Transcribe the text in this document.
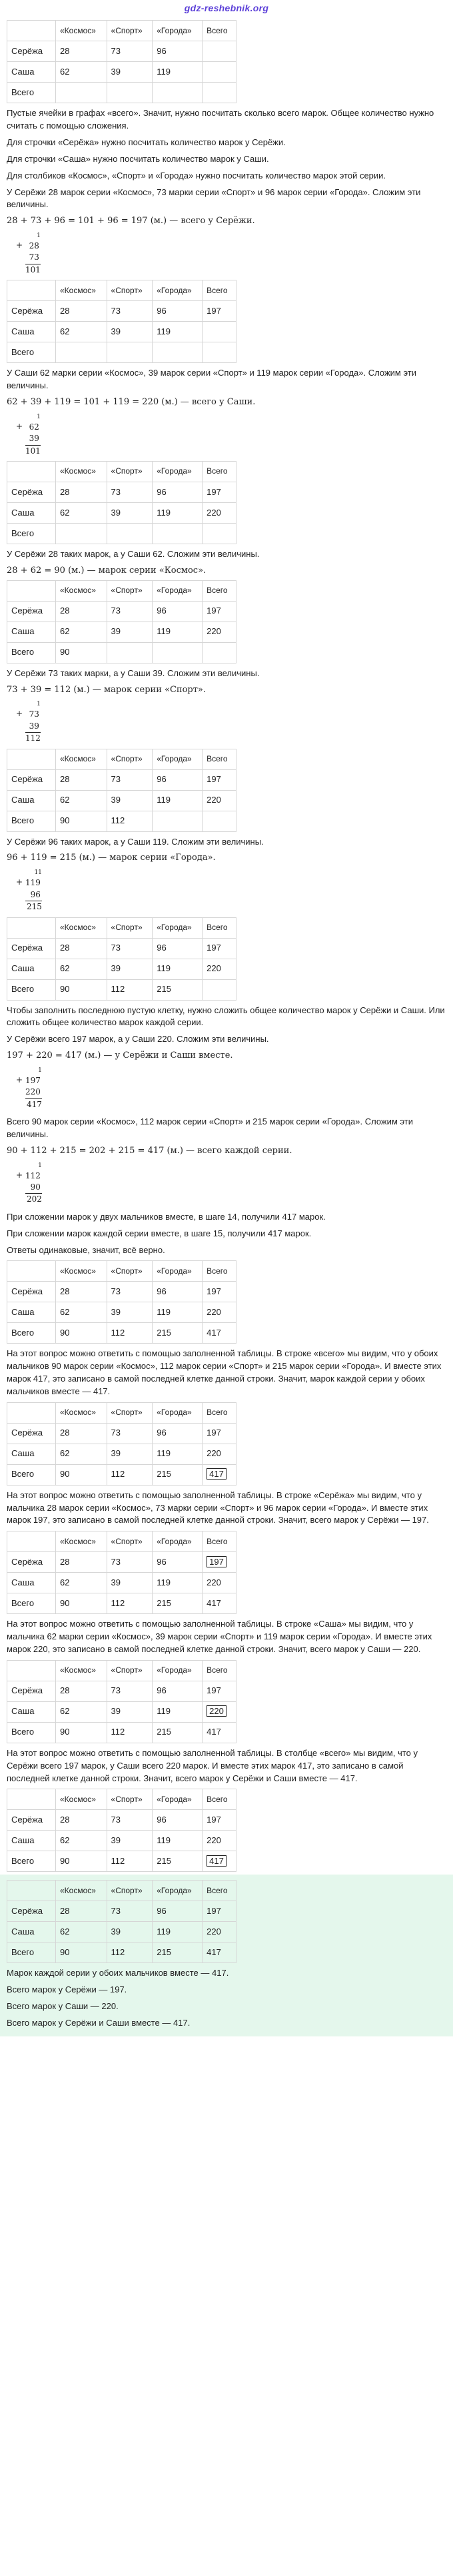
gdz-reshebnik.org
	«Космос»	«Спорт»	«Города»	Всего
Серёжа	28	73	96	
Саша	62	39	119	
Всего				

Пустые ячейки в графах «всего». Значит, нужно посчитать сколько всего марок. Общее количество нужно считать с помощью сложения.

Для строчки «Серёжа» нужно посчитать количество марок у Серёжи.

Для строчки «Саша» нужно посчитать количество марок у Саши.

Для столбиков «Космос», «Спорт» и «Города» нужно посчитать количество марок этой серии.

У Серёжи 28 марок серии «Космос», 73 марки серии «Спорт» и 96 марок серии «Города». Сложим эти величины.

28 + 73 + 96 = 101 + 96 = 197 (м.) — всего у Серёжи.
+
1
28
73
101
	«Космос»	«Спорт»	«Города»	Всего
Серёжа	28	73	96	197
Саша	62	39	119	
Всего				

У Саши 62 марки серии «Космос», 39 марок серии «Спорт» и 119 марок серии «Города». Сложим эти величины.

62 + 39 + 119 = 101 + 119 = 220 (м.) — всего у Саши.
+
1
62
39
101
	«Космос»	«Спорт»	«Города»	Всего
Серёжа	28	73	96	197
Саша	62	39	119	220
Всего				

У Серёжи 28 таких марок, а у Саши 62. Сложим эти величины.

28 + 62 = 90 (м.) — марок серии «Космос».
	«Космос»	«Спорт»	«Города»	Всего
Серёжа	28	73	96	197
Саша	62	39	119	220
Всего	90			

У Серёжи 73 таких марки, а у Саши 39. Сложим эти величины.

73 + 39 = 112 (м.) — марок серии «Спорт».
+
1
73
39
112
	«Космос»	«Спорт»	«Города»	Всего
Серёжа	28	73	96	197
Саша	62	39	119	220
Всего	90	112		

У Серёжи 96 таких марок, а у Саши 119. Сложим эти величины.

96 + 119 = 215 (м.) — марок серии «Города».
+
11
119
96
215
	«Космос»	«Спорт»	«Города»	Всего
Серёжа	28	73	96	197
Саша	62	39	119	220
Всего	90	112	215	

Чтобы заполнить последнюю пустую клетку, нужно сложить общее количество марок у Серёжи и Саши. Или сложить общее количество марок каждой серии.

У Серёжи всего 197 марок, а у Саши 220. Сложим эти величины.

197 + 220 = 417 (м.) — у Серёжи и Саши вместе.
+
1
197
220
417

Всего 90 марок серии «Космос», 112 марок серии «Спорт» и 215 марок серии «Города». Сложим эти величины.

90 + 112 + 215 = 202 + 215 = 417 (м.) — всего каждой серии.
+
1
112
90
202

При сложении марок у двух мальчиков вместе, в шаге 14, получили 417 марок.

При сложении марок каждой серии вместе, в шаге 15, получили 417 марок.

Ответы одинаковые, значит, всё верно.

	«Космос»	«Спорт»	«Города»	Всего
Серёжа	28	73	96	197
Саша	62	39	119	220
Всего	90	112	215	417

На этот вопрос можно ответить с помощью заполненной таблицы. В строке «всего» мы видим, что у обоих мальчиков 90 марок серии «Космос», 112 марок серии «Спорт» и 215 марок серии «Города». И вместе этих марок 417, это записано в самой последней клетке данной строки. Значит, марок каждой серии у обоих мальчиков вместе — 417.

	«Космос»	«Спорт»	«Города»	Всего
Серёжа	28	73	96	197
Саша	62	39	119	220
Всего	90	112	215	417

На этот вопрос можно ответить с помощью заполненной таблицы. В строке «Серёжа» мы видим, что у мальчика 28 марок серии «Космос», 73 марки серии «Спорт» и 96 марок серии «Города». И вместе этих марок 197, это записано в самой последней клетке данной строки. Значит, всего марок у Серёжи — 197.

	«Космос»	«Спорт»	«Города»	Всего
Серёжа	28	73	96	197
Саша	62	39	119	220
Всего	90	112	215	417

На этот вопрос можно ответить с помощью заполненной таблицы. В строке «Саша» мы видим, что у мальчика 62 марки серии «Космос», 39 марок серии «Спорт» и 119 марок серии «Города». И вместе этих марок 220, это записано в самой последней клетке данной строки. Значит, всего марок у Саши — 220.

	«Космос»	«Спорт»	«Города»	Всего
Серёжа	28	73	96	197
Саша	62	39	119	220
Всего	90	112	215	417

На этот вопрос можно ответить с помощью заполненной таблицы. В столбце «всего» мы видим, что у Серёжи всего 197 марок, у Саши всего 220 марок. И вместе этих марок 417, это записано в самой последней клетке данной строки. Значит, всего марок у Серёжи и Саши вместе — 417.

	«Космос»	«Спорт»	«Города»	Всего
Серёжа	28	73	96	197
Саша	62	39	119	220
Всего	90	112	215	417
	«Космос»	«Спорт»	«Города»	Всего
Серёжа	28	73	96	197
Саша	62	39	119	220
Всего	90	112	215	417

Марок каждой серии у обоих мальчиков вместе — 417.

Всего марок у Серёжи — 197.

Всего марок у Саши — 220.

Всего марок у Серёжи и Саши вместе — 417.
